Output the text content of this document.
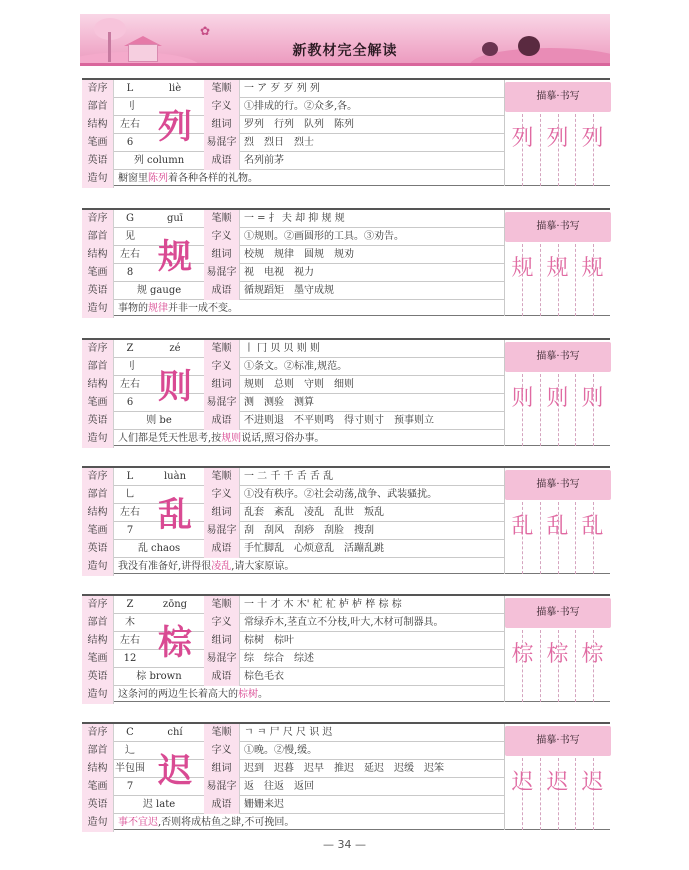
✿
新教材完全解读
音序	L	liè	笔顺	一 ア 歹 歹 列 列
部首	刂	字义	①排成的行。②众多,各。
结构	左右	组词	罗列　行列　队列　陈列
笔画	6	易混字 烈　烈日　烈士
英语	列 column	成语	名列前茅
造句	橱窗里陈列着各种各样的礼物。
列
描摹·书写
列 列 列
音序	G	guī	笔顺	一 = 扌 夫 却 抑 规 规
部首	见	字义	①规则。②画圆形的工具。③劝告。
结构	左右	组词	校规　规律　圆规　规劝
笔画	8	易混字 视　电视　视力
英语	规 gauge	成语	循规蹈矩　墨守成规
造句	事物的规律并非一成不变。
规
描摹·书写
规 规 规
音序	Z	zé	笔顺	丨 冂 贝 贝 则 则
部首	刂	字义	①条文。②标准,规范。
结构	左右	组词	规则　总则　守则　细则
笔画	6	易混字 测　测验　测算
英语	则 be	成语	不进则退　不平则鸣　得寸则寸　预事则立
造句	人们都是凭天性思考,按规则说话,照习俗办事。
则
描摹·书写
则 则 则
音序	L	luàn	笔顺	一 二 千 千 舌 舌 乱
部首	乚	字义	①没有秩序。②社会动荡,战争、武装骚扰。
结构	左右	组词	乱套　紊乱　凌乱　乱世　叛乱
笔画	7	易混字 刮　刮风　刮痧　刮脸　搜刮
英语	乱 chaos	成语	手忙脚乱　心烦意乱　活蹦乱跳
造句	我没有准备好,讲得很凌乱,请大家原谅。
乱
描摹·书写
乱 乱 乱
音序	Z	zōng	笔顺	一 十 才 木 木' 杧 杧 栌 栌 椊 棕 棕
部首	木	字义	常绿乔木,茎直立不分枝,叶大,木材可制器具。
结构	左右	组词	棕树　棕叶
笔画	12	易混字 综　综合　综述
英语	棕 brown	成语	棕色毛衣
造句	这条河的两边生长着高大的棕树。
棕
描摹·书写
棕 棕 棕
音序	C	chí	笔顺	ㄱ ㅋ 尸 尺 尺 识 迟
部首	辶	字义	①晚。②慢,缓。
结构 半包围	组词	迟到　迟暮　迟早　推迟　延迟　迟缓　迟笨
笔画	7	易混字 返　往返　返回
英语	迟 late	成语	姗姗来迟
造句	事不宜迟,否则将成枯鱼之肆,不可挽回。
迟
描摹·书写
迟 迟 迟
— 34 —
